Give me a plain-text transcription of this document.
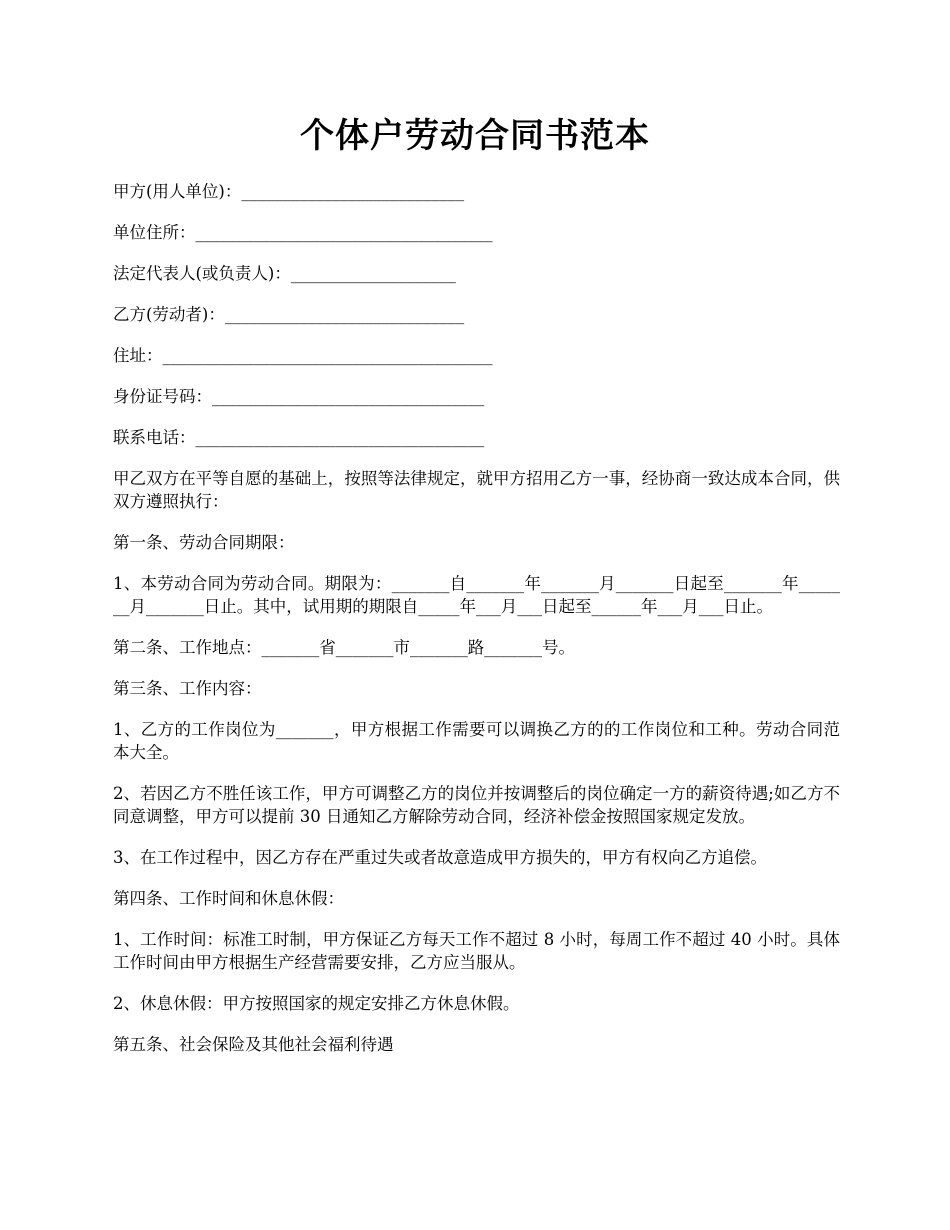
个体户劳动合同书范本
甲方(用人单位)：___________________________
单位住所：____________________________________
法定代表人(或负责人)：____________________
乙方(劳动者)：_____________________________
住址：________________________________________
身份证号码：_________________________________
联系电话：___________________________________

甲乙双方在平等自愿的基础上，按照等法律规定，就甲方招用乙方一事，经协商一致达成本合同，供双方遵照执行：

第一条、劳动合同期限：

1、本劳动合同为劳动合同。期限为：_______自_______年_______月_______日起至_______年_______月_______日止。其中，试用期的期限自_____年___月___日起至______年___月___日止。

第二条、工作地点：_______省_______市_______路_______号。

第三条、工作内容：

1、乙方的工作岗位为_______，甲方根据工作需要可以调换乙方的的工作岗位和工种。劳动合同范本大全。

2、若因乙方不胜任该工作，甲方可调整乙方的岗位并按调整后的岗位确定一方的薪资待遇;如乙方不同意调整，甲方可以提前 30 日通知乙方解除劳动合同，经济补偿金按照国家规定发放。

3、在工作过程中，因乙方存在严重过失或者故意造成甲方损失的，甲方有权向乙方追偿。

第四条、工作时间和休息休假：

1、工作时间：标准工时制，甲方保证乙方每天工作不超过 8 小时，每周工作不超过 40 小时。具体工作时间由甲方根据生产经营需要安排，乙方应当服从。

2、休息休假：甲方按照国家的规定安排乙方休息休假。

第五条、社会保险及其他社会福利待遇
